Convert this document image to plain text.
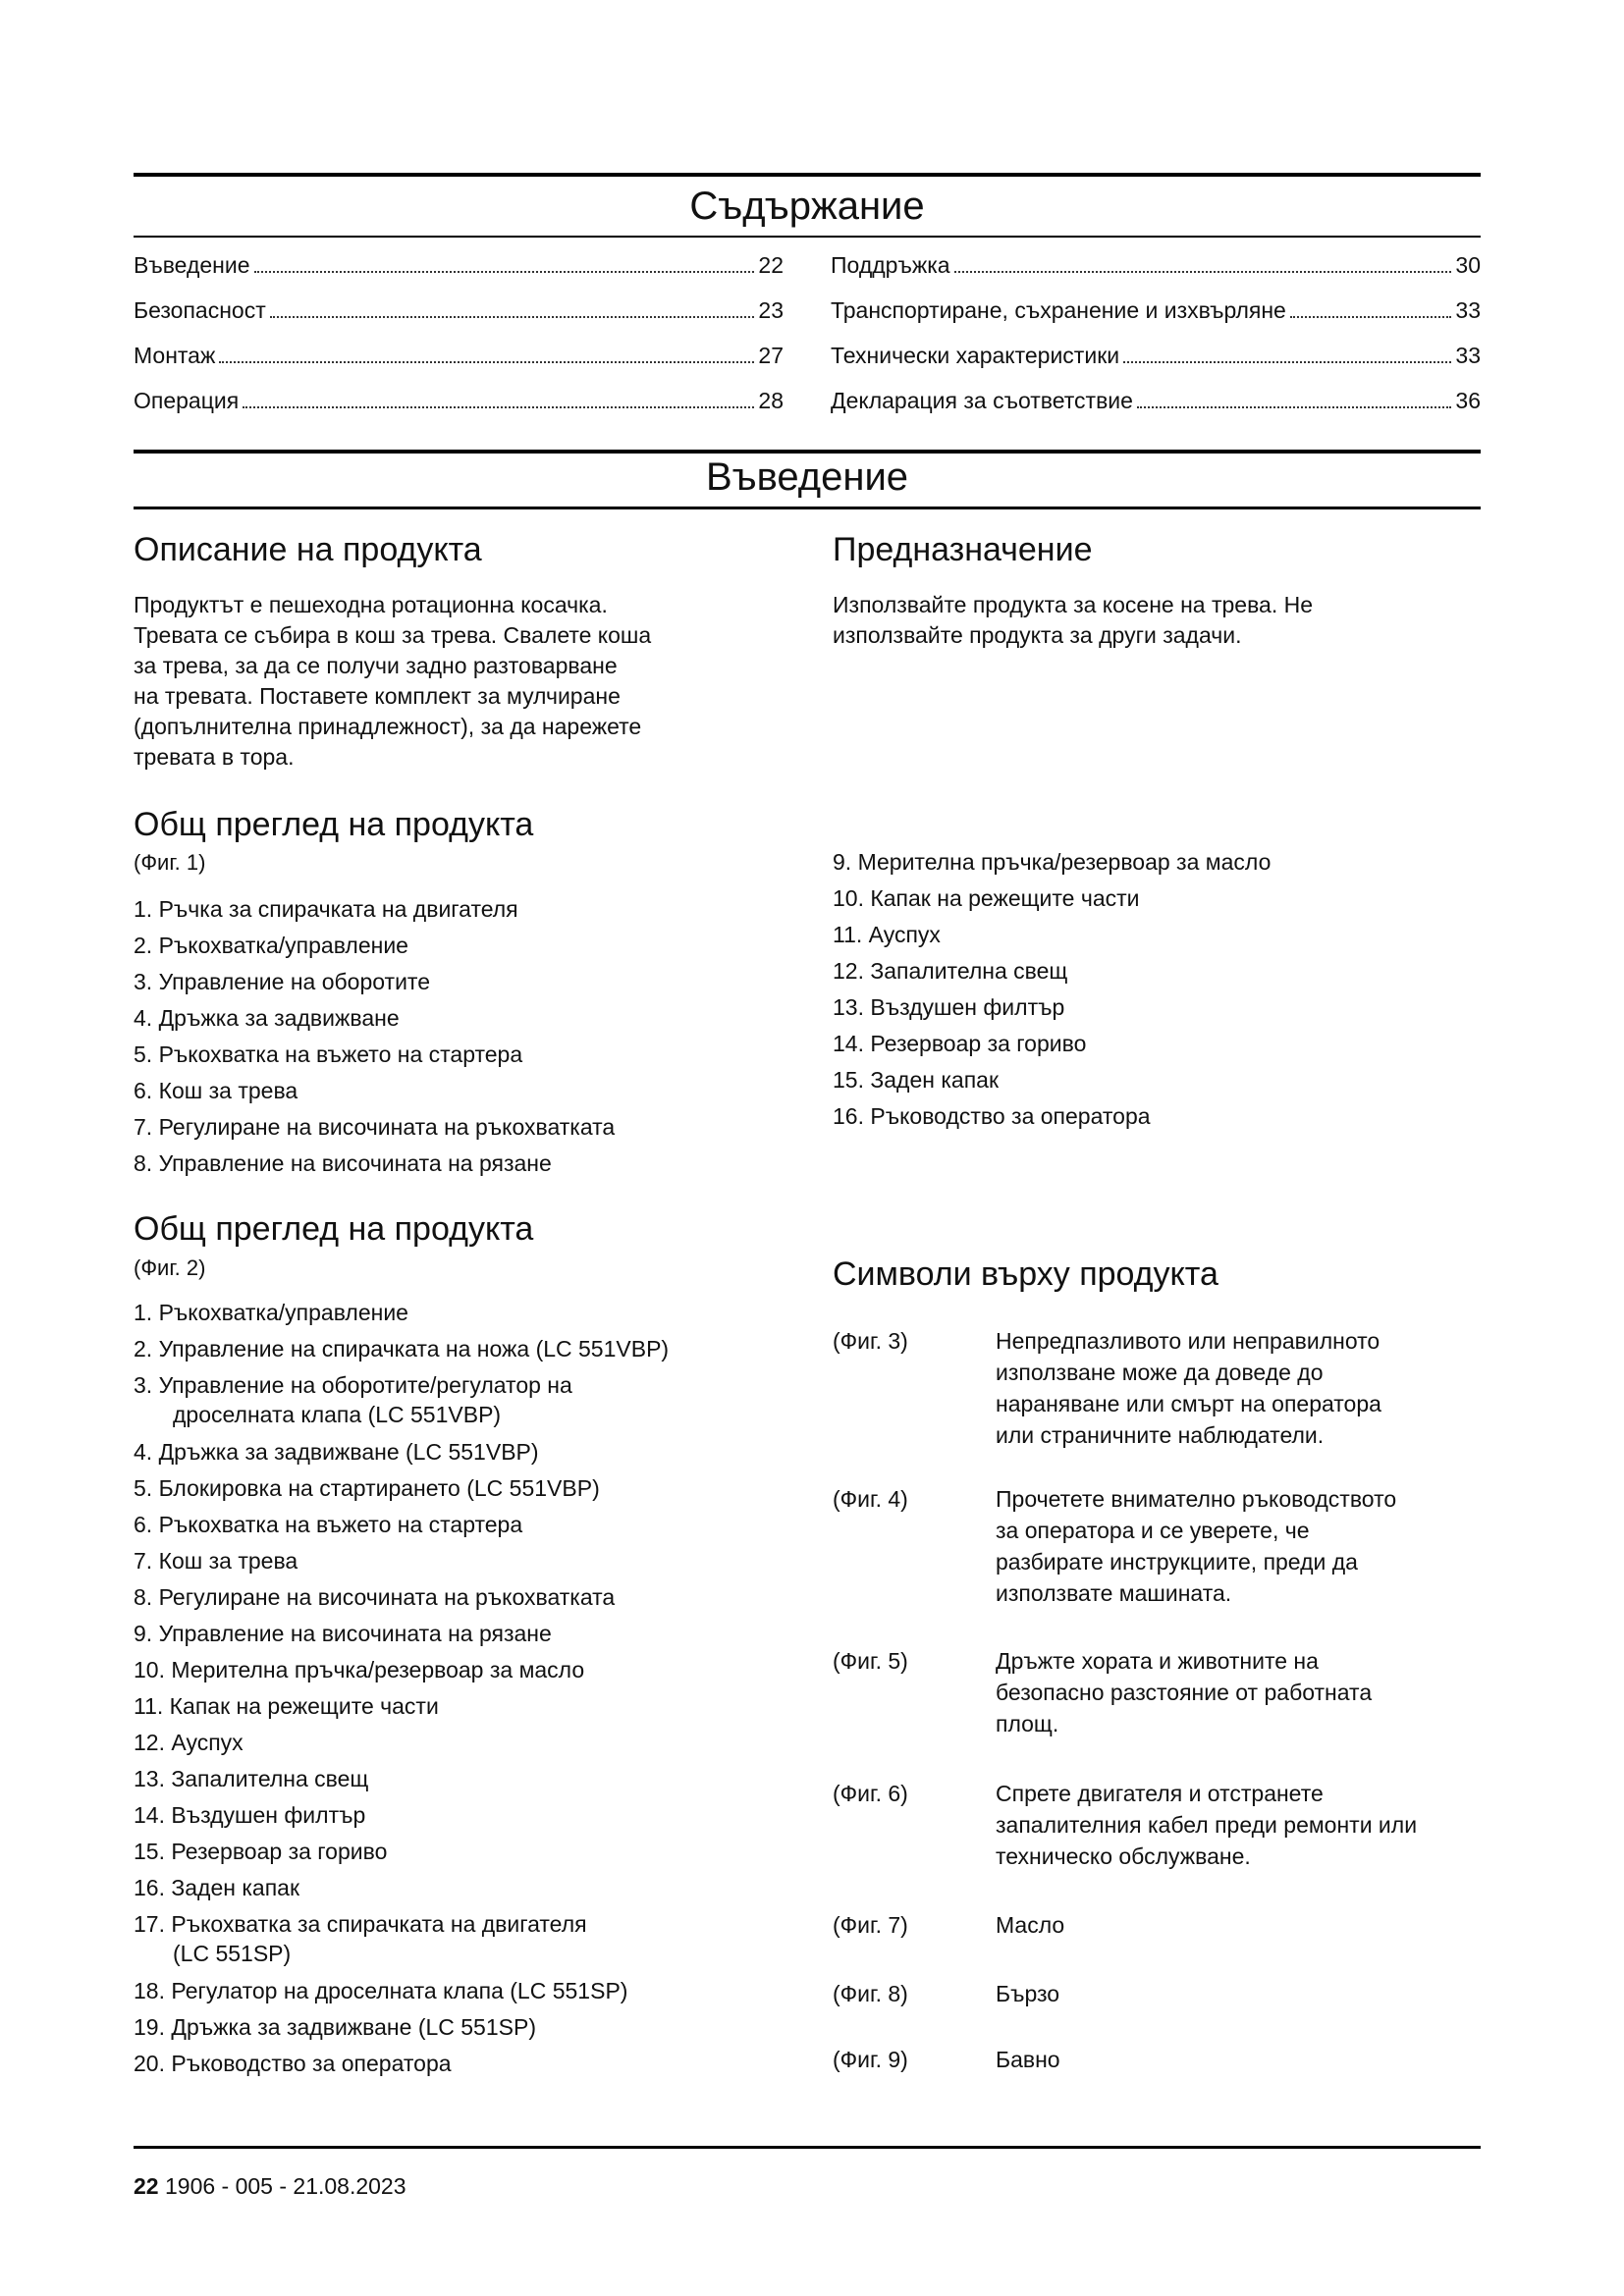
Съдържание
Въведение	22
Безопасност	23
Монтаж	27
Операция	28
Поддръжка	30
Транспортиране, съхранение и изхвърляне	33
Технически характеристики	33
Декларация за съответствие	36
Въведение
Описание на продукта
Продуктът е пешеходна ротационна косачка.
Тревата се събира в кош за трева. Свалете коша
за трева, за да се получи задно разтоварване
на тревата. Поставете комплект за мулчиране
(допълнителна принадлежност), за да нарежете
тревата в тора.
Предназначение
Използвайте продукта за косене на трева. Не
използвайте продукта за други задачи.
Общ преглед на продукта
(Фиг. 1)
1. Ръчка за спирачката на двигателя
2. Ръкохватка/управление
3. Управление на оборотите
4. Дръжка за задвижване
5. Ръкохватка на въжето на стартера
6. Кош за трева
7. Регулиране на височината на ръкохватката
8. Управление на височината на рязане
9. Мерителна пръчка/резервоар за масло
10. Капак на режещите части
11. Ауспух
12. Запалителна свещ
13. Въздушен филтър
14. Резервоар за гориво
15. Заден капак
16. Ръководство за оператора
Общ преглед на продукта
(Фиг. 2)
1. Ръкохватка/управление
2. Управление на спирачката на ножа (LC 551VBP)
3. Управление на оборотите/регулатор на
дроселната клапа (LC 551VBP)
4. Дръжка за задвижване (LC 551VBP)
5. Блокировка на стартирането (LC 551VBP)
6. Ръкохватка на въжето на стартера
7. Кош за трева
8. Регулиране на височината на ръкохватката
9. Управление на височината на рязане
10. Мерителна пръчка/резервоар за масло
11. Капак на режещите части
12. Ауспух
13. Запалителна свещ
14. Въздушен филтър
15. Резервоар за гориво
16. Заден капак
17. Ръкохватка за спирачката на двигателя
(LC 551SP)
18. Регулатор на дроселната клапа (LC 551SP)
19. Дръжка за задвижване (LC 551SP)
20. Ръководство за оператора
Символи върху продукта
(Фиг. 3)	Непредпазливото или неправилното
използване може да доведе до
нараняване или смърт на оператора
или страничните наблюдатели.
(Фиг. 4)	Прочетете внимателно ръководството
за оператора и се уверете, че
разбирате инструкциите, преди да
използвате машината.
(Фиг. 5)	Дръжте хората и животните на
безопасно разстояние от работната
площ.
(Фиг. 6)	Спрете двигателя и отстранете
запалителния кабел преди ремонти или
техническо обслужване.
(Фиг. 7)	Масло
(Фиг. 8)	Бързо
(Фиг. 9)	Бавно
22 1906 - 005 - 21.08.2023
